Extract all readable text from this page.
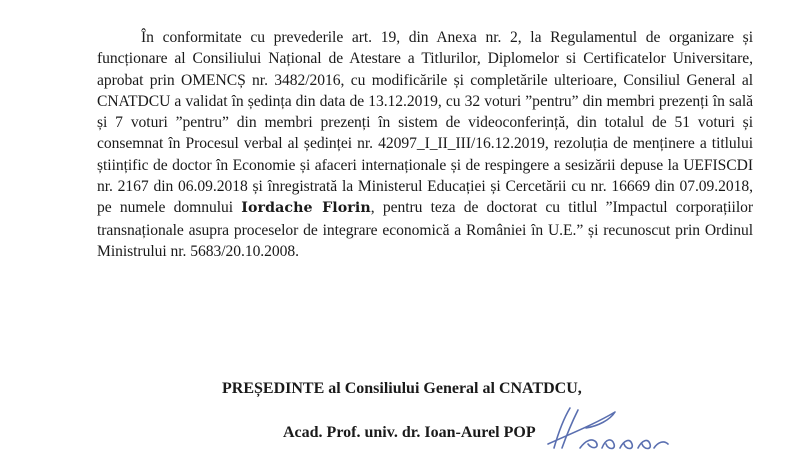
În conformitate cu prevederile art. 19, din Anexa nr. 2, la Regulamentul de organizare și funcționare al Consiliului Național de Atestare a Titlurilor, Diplomelor si Certificatelor Universitare, aprobat prin OMENCȘ nr. 3482/2016, cu modificările și completările ulterioare, Consiliul General al CNATDCU a validat în ședința din data de 13.12.2019, cu 32 voturi ”pentru” din membri prezenți în sală și 7 voturi ”pentru” din membri prezenți în sistem de videoconferință, din totalul de 51 voturi și consemnat în Procesul verbal al ședinței nr. 42097_I_II_III/16.12.2019, rezoluția de menținere a titlului științific de doctor în Economie și afaceri internaționale și de respingere a sesizării depuse la UEFISCDI nr. 2167 din 06.09.2018 și înregistrată la Ministerul Educației și Cercetării cu nr. 16669 din 07.09.2018, pe numele domnului Iordache Florin, pentru teza de doctorat cu titlul ”Impactul corporațiilor transnaționale asupra proceselor de integrare economică a României în U.E.” și recunoscut prin Ordinul Ministrului nr. 5683/20.10.2008.

PREȘEDINTE al Consiliului General al CNATDCU,

Acad. Prof. univ. dr. Ioan-Aurel POP
